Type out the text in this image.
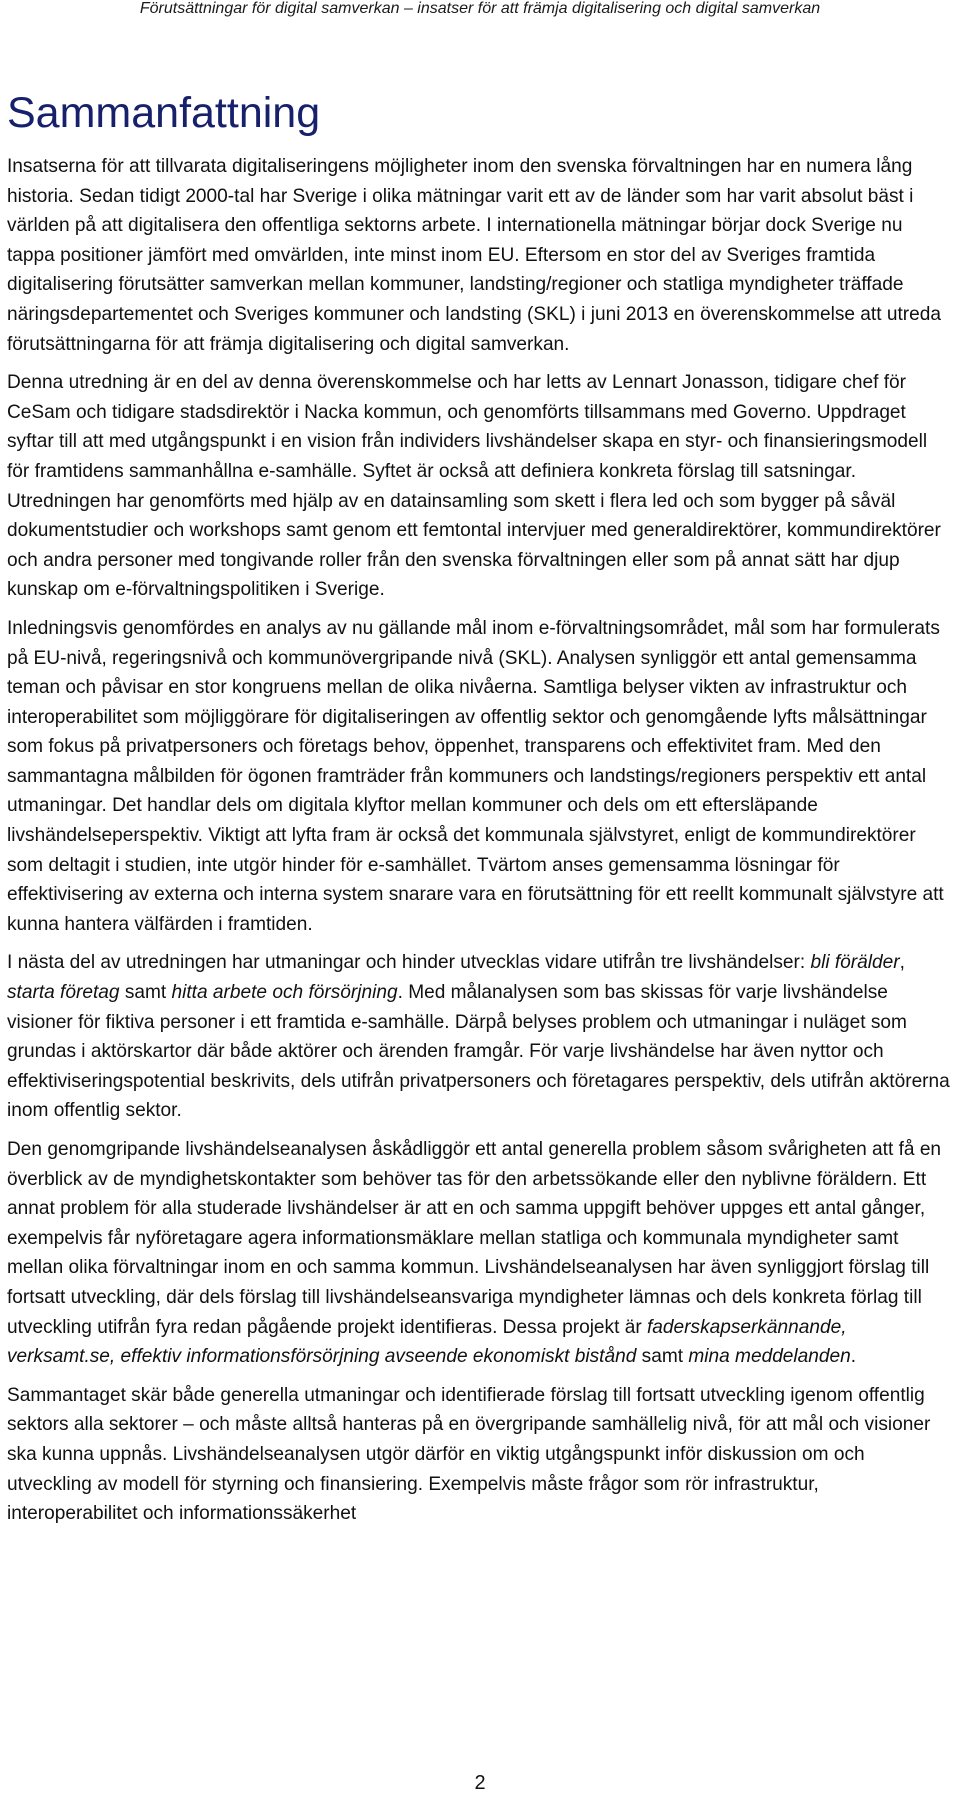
Förutsättningar för digital samverkan – insatser för att främja digitalisering och digital samverkan
Sammanfattning

Insatserna för att tillvarata digitaliseringens möjligheter inom den svenska förvaltningen har en numera lång historia. Sedan tidigt 2000-tal har Sverige i olika mätningar varit ett av de länder som har varit absolut bäst i världen på att digitalisera den offentliga sektorns arbete. I internationella mätningar börjar dock Sverige nu tappa positioner jämfört med omvärlden, inte minst inom EU. Eftersom en stor del av Sveriges framtida digitalisering förutsätter samverkan mellan kommuner, landsting/regioner och statliga myndigheter träffade näringsdepartementet och Sveriges kommuner och landsting (SKL) i juni 2013 en överenskommelse att utreda förutsättningarna för att främja digitalisering och digital samverkan.

Denna utredning är en del av denna överenskommelse och har letts av Lennart Jonasson, tidigare chef för CeSam och tidigare stadsdirektör i Nacka kommun, och genomförts tillsammans med Governo. Uppdraget syftar till att med utgångspunkt i en vision från individers livshändelser skapa en styr- och finansieringsmodell för framtidens sammanhållna e-samhälle. Syftet är också att definiera konkreta förslag till satsningar. Utredningen har genomförts med hjälp av en datainsamling som skett i flera led och som bygger på såväl dokumentstudier och workshops samt genom ett femtontal intervjuer med generaldirektörer, kommundirektörer och andra personer med tongivande roller från den svenska förvaltningen eller som på annat sätt har djup kunskap om e-förvaltningspolitiken i Sverige.

Inledningsvis genomfördes en analys av nu gällande mål inom e-förvaltningsområdet, mål som har formulerats på EU-nivå, regeringsnivå och kommunövergripande nivå (SKL). Analysen synliggör ett antal gemensamma teman och påvisar en stor kongruens mellan de olika nivåerna. Samtliga belyser vikten av infrastruktur och interoperabilitet som möjliggörare för digitaliseringen av offentlig sektor och genomgående lyfts målsättningar som fokus på privatpersoners och företags behov, öppenhet, transparens och effektivitet fram. Med den sammantagna målbilden för ögonen framträder från kommuners och landstings/regioners perspektiv ett antal utmaningar. Det handlar dels om digitala klyftor mellan kommuner och dels om ett eftersläpande livshändelseperspektiv. Viktigt att lyfta fram är också det kommunala självstyret, enligt de kommundirektörer som deltagit i studien, inte utgör hinder för e-samhället. Tvärtom anses gemensamma lösningar för effektivisering av externa och interna system snarare vara en förutsättning för ett reellt kommunalt självstyre att kunna hantera välfärden i framtiden.

I nästa del av utredningen har utmaningar och hinder utvecklas vidare utifrån tre livshändelser: bli förälder, starta företag samt hitta arbete och försörjning. Med målanalysen som bas skissas för varje livshändelse visioner för fiktiva personer i ett framtida e-samhälle. Därpå belyses problem och utmaningar i nuläget som grundas i aktörskartor där både aktörer och ärenden framgår. För varje livshändelse har även nyttor och effektiviseringspotential beskrivits, dels utifrån privatpersoners och företagares perspektiv, dels utifrån aktörerna inom offentlig sektor.

Den genomgripande livshändelseanalysen åskådliggör ett antal generella problem såsom svårigheten att få en överblick av de myndighetskontakter som behöver tas för den arbetssökande eller den nyblivne föräldern. Ett annat problem för alla studerade livshändelser är att en och samma uppgift behöver uppges ett antal gånger, exempelvis får nyföretagare agera informationsmäklare mellan statliga och kommunala myndigheter samt mellan olika förvaltningar inom en och samma kommun. Livshändelseanalysen har även synliggjort förslag till fortsatt utveckling, där dels förslag till livshändelseansvariga myndigheter lämnas och dels konkreta förlag till utveckling utifrån fyra redan pågående projekt identifieras. Dessa projekt är faderskapserkännande, verksamt.se, effektiv informationsförsörjning avseende ekonomiskt bistånd samt mina meddelanden.

Sammantaget skär både generella utmaningar och identifierade förslag till fortsatt utveckling igenom offentlig sektors alla sektorer – och måste alltså hanteras på en övergripande samhällelig nivå, för att mål och visioner ska kunna uppnås. Livshändelseanalysen utgör därför en viktig utgångspunkt inför diskussion om och utveckling av modell för styrning och finansiering. Exempelvis måste frågor som rör infrastruktur, interoperabilitet och informationssäkerhet

2
